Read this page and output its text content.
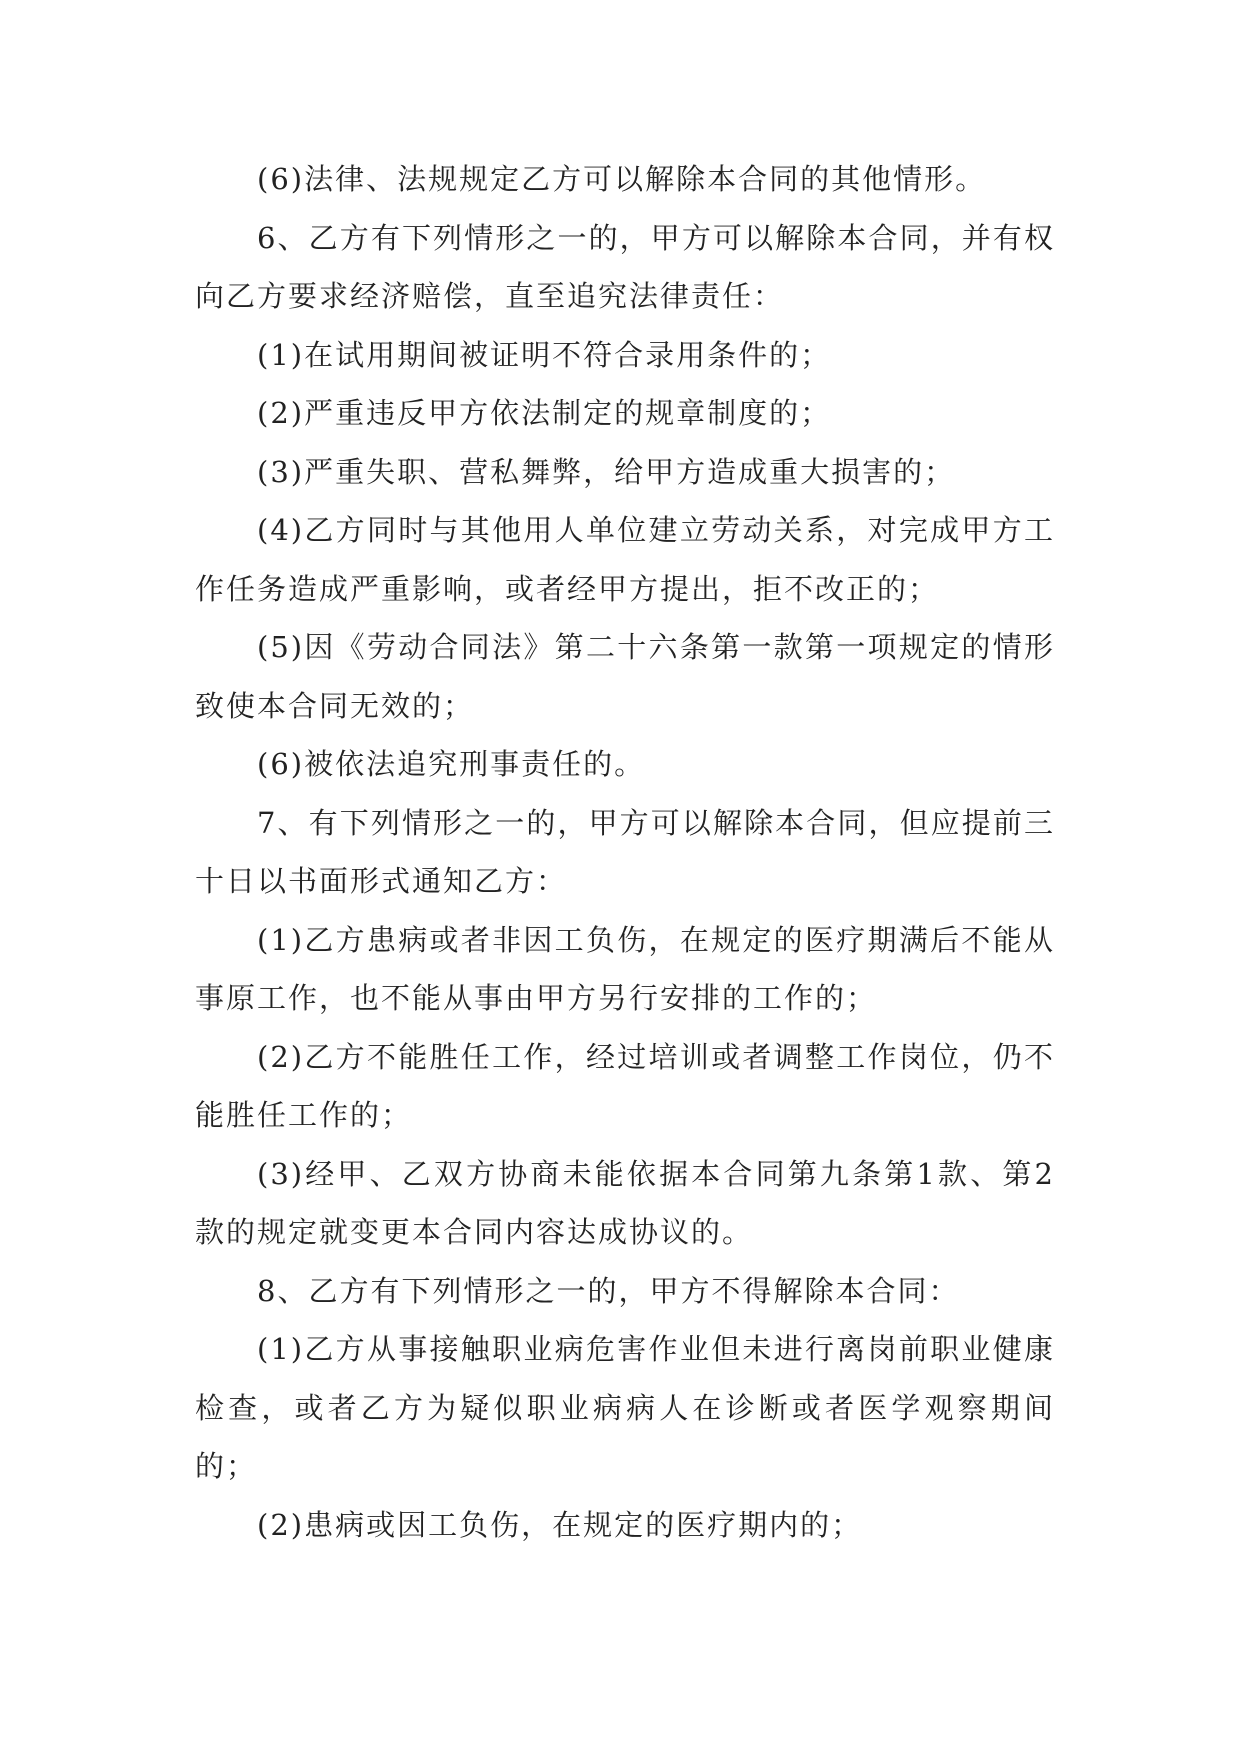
(6)法律、法规规定乙方可以解除本合同的其他情形。

6、乙方有下列情形之一的，甲方可以解除本合同，并有权向乙方要求经济赔偿，直至追究法律责任：

(1)在试用期间被证明不符合录用条件的；

(2)严重违反甲方依法制定的规章制度的；

(3)严重失职、营私舞弊，给甲方造成重大损害的；

(4)乙方同时与其他用人单位建立劳动关系，对完成甲方工作任务造成严重影响，或者经甲方提出，拒不改正的；

(5)因《劳动合同法》第二十六条第一款第一项规定的情形致使本合同无效的；

(6)被依法追究刑事责任的。

7、有下列情形之一的，甲方可以解除本合同，但应提前三十日以书面形式通知乙方：

(1)乙方患病或者非因工负伤，在规定的医疗期满后不能从事原工作，也不能从事由甲方另行安排的工作的；

(2)乙方不能胜任工作，经过培训或者调整工作岗位，仍不能胜任工作的；

(3)经甲、乙双方协商未能依据本合同第九条第1款、第2款的规定就变更本合同内容达成协议的。

8、乙方有下列情形之一的，甲方不得解除本合同：

(1)乙方从事接触职业病危害作业但未进行离岗前职业健康检查，或者乙方为疑似职业病病人在诊断或者医学观察期间的；

(2)患病或因工负伤，在规定的医疗期内的；
